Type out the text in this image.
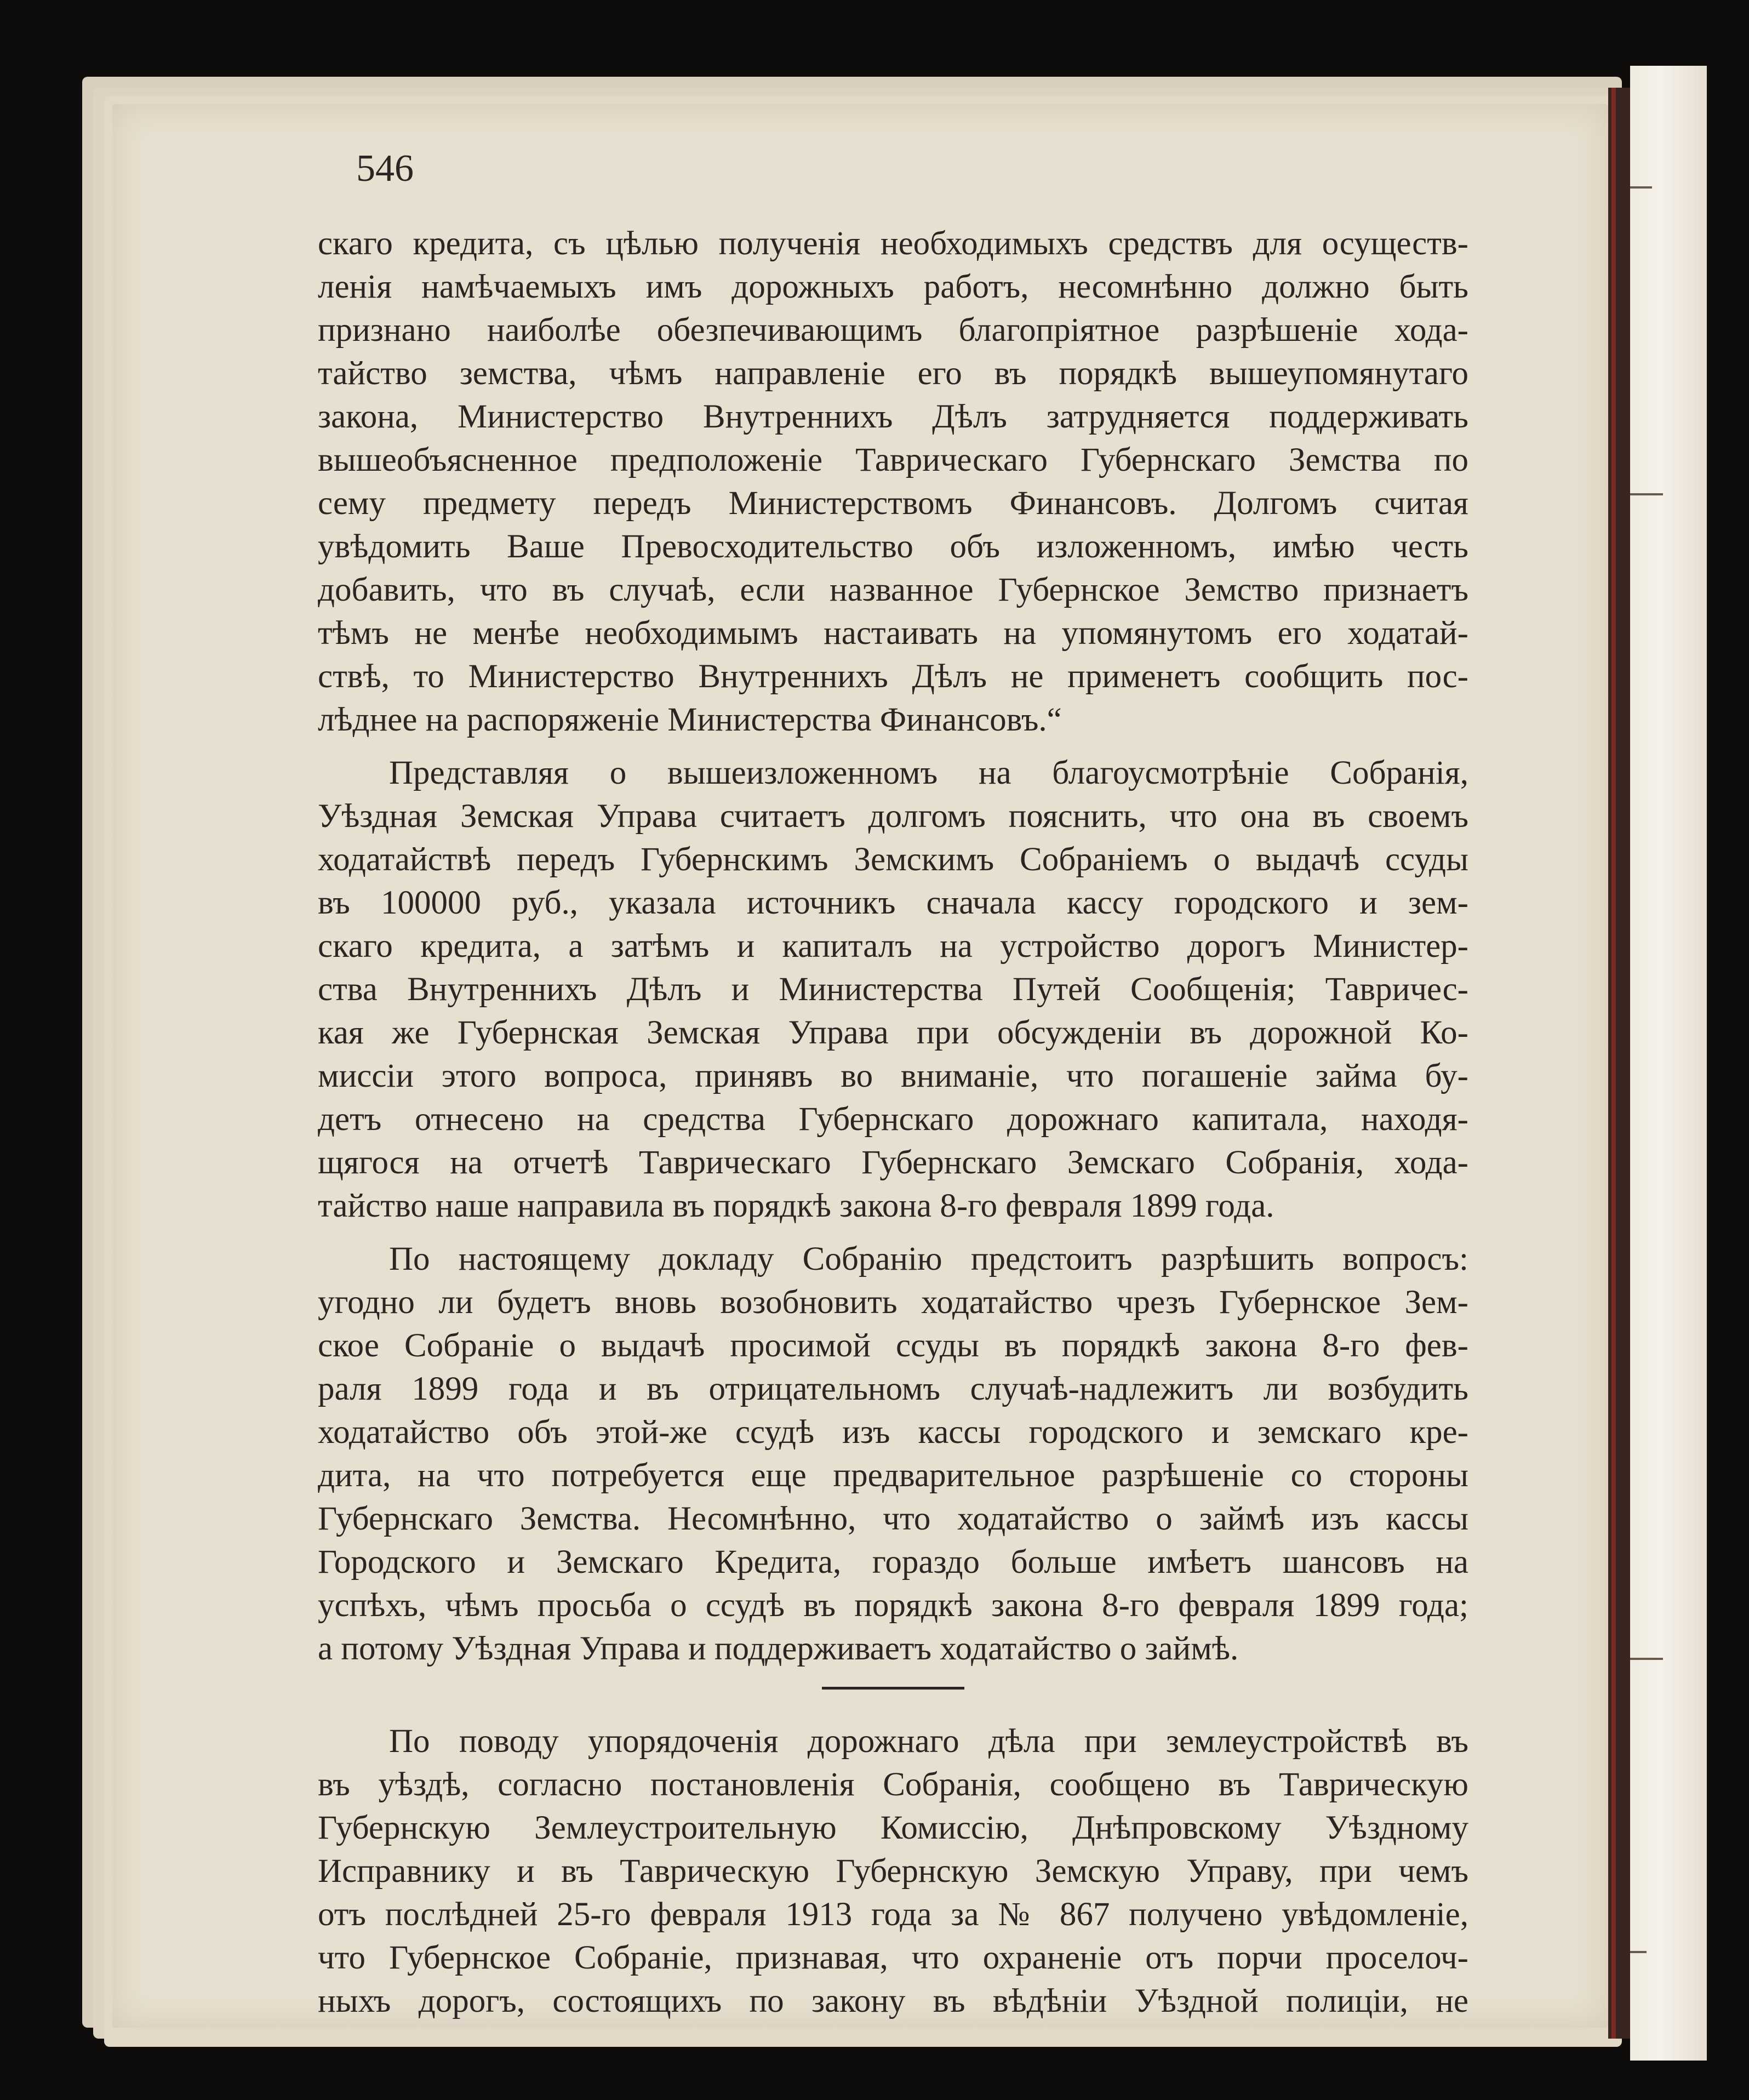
546
скаго кредита, съ цѣлью полученія необходимыхъ средствъ для осуществ-
ленія намѣчаемыхъ имъ дорожныхъ работъ, несомнѣнно должно быть
признано наиболѣе обезпечивающимъ благопріятное разрѣшеніе хода-
тайство земства, чѣмъ направленіе его въ порядкѣ вышеупомянутаго
закона, Министерство Внутреннихъ Дѣлъ затрудняется поддерживать
вышеобъясненное предположеніе Таврическаго Губернскаго Земства по
сему предмету передъ Министерствомъ Финансовъ. Долгомъ считая
увѣдомить Ваше Превосходительство объ изложенномъ, имѣю честь
добавить, что въ случаѣ, если названное Губернское Земство признаетъ
тѣмъ не менѣе необходимымъ настаивать на упомянутомъ его ходатай-
ствѣ, то Министерство Внутреннихъ Дѣлъ не применетъ сообщить пос-
лѣднее на распоряженіе Министерства Финансовъ.“
Представляя о вышеизложенномъ на благоусмотрѣніе Собранія,
Уѣздная Земская Управа считаетъ долгомъ пояснить, что она въ своемъ
ходатайствѣ передъ Губернскимъ Земскимъ Собраніемъ о выдачѣ ссуды
въ 100000 руб., указала источникъ сначала кассу городского и зем-
скаго кредита, а затѣмъ и капиталъ на устройство дорогъ Министер-
ства Внутреннихъ Дѣлъ и Министерства Путей Сообщенія; Тавричес-
кая же Губернская Земская Управа при обсужденіи въ дорожной Ко-
миссіи этого вопроса, принявъ во вниманіе, что погашеніе займа бу-
детъ отнесено на средства Губернскаго дорожнаго капитала, находя-
щягося на отчетѣ Таврическаго Губернскаго Земскаго Собранія, хода-
тайство наше направила въ порядкѣ закона 8-го февраля 1899 года.
По настоящему докладу Собранію предстоитъ разрѣшить вопросъ:
угодно ли будетъ вновь возобновить ходатайство чрезъ Губернское Зем-
ское Собраніе о выдачѣ просимой ссуды въ порядкѣ закона 8-го фев-
раля 1899 года и въ отрицательномъ случаѣ-надлежитъ ли возбудить
ходатайство объ этой-же ссудѣ изъ кассы городского и земскаго кре-
дита, на что потребуется еще предварительное разрѣшеніе со стороны
Губернскаго Земства. Несомнѣнно, что ходатайство о займѣ изъ кассы
Городского и Земскаго Кредита, гораздо больше имѣетъ шансовъ на
успѣхъ, чѣмъ просьба о ссудѣ въ порядкѣ закона 8-го февраля 1899 года;
а потому Уѣздная Управа и поддерживаетъ ходатайство о займѣ.
По поводу упорядоченія дорожнаго дѣла при землеустройствѣ въ
въ уѣздѣ, согласно постановленія Собранія, сообщено въ Таврическую
Губернскую Землеустроительную Комиссію, Днѣпровскому Уѣздному
Исправнику и въ Таврическую Губернскую Земскую Управу, при чемъ
отъ послѣдней 25-го февраля 1913 года за № 867 получено увѣдомленіе,
что Губернское Собраніе, признавая, что охраненіе отъ порчи проселоч-
ныхъ дорогъ, состоящихъ по закону въ вѣдѣніи Уѣздной полиціи, не
